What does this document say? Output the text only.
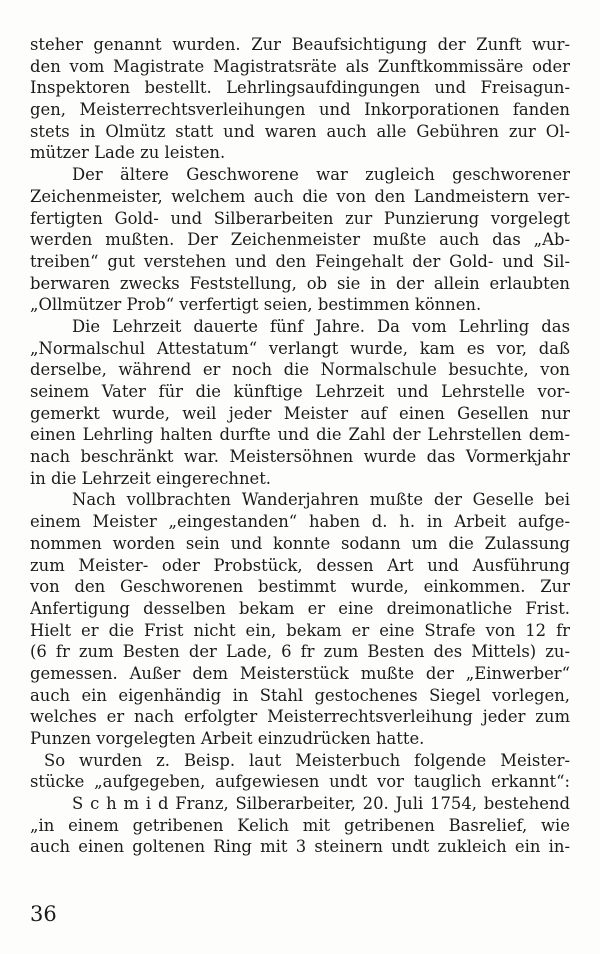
steher genannt wurden. Zur Beaufsichtigung der Zunft wur-
den vom Magistrate Magistratsräte als Zunftkommissäre oder
Inspektoren bestellt. Lehrlingsaufdingungen und Freisagun-
gen, Meisterrechtsverleihungen und Inkorporationen fanden
stets in Olmütz statt und waren auch alle Gebühren zur Ol-
mützer Lade zu leisten.
Der ältere Geschworene war zugleich geschworener
Zeichenmeister, welchem auch die von den Landmeistern ver-
fertigten Gold- und Silberarbeiten zur Punzierung vorgelegt
werden mußten. Der Zeichenmeister mußte auch das „Ab-
treiben“ gut verstehen und den Feingehalt der Gold- und Sil-
berwaren zwecks Feststellung, ob sie in der allein erlaubten
„Ollmützer Prob“ verfertigt seien, bestimmen können.
Die Lehrzeit dauerte fünf Jahre. Da vom Lehrling das
„Normalschul Attestatum“ verlangt wurde, kam es vor, daß
derselbe, während er noch die Normalschule besuchte, von
seinem Vater für die künftige Lehrzeit und Lehrstelle vor-
gemerkt wurde, weil jeder Meister auf einen Gesellen nur
einen Lehrling halten durfte und die Zahl der Lehrstellen dem-
nach beschränkt war. Meistersöhnen wurde das Vormerkjahr
in die Lehrzeit eingerechnet.
Nach vollbrachten Wanderjahren mußte der Geselle bei
einem Meister „eingestanden“ haben d. h. in Arbeit aufge-
nommen worden sein und konnte sodann um die Zulassung
zum Meister- oder Probstück, dessen Art und Ausführung
von den Geschworenen bestimmt wurde, einkommen. Zur
Anfertigung desselben bekam er eine dreimonatliche Frist.
Hielt er die Frist nicht ein, bekam er eine Strafe von 12 fr
(6 fr zum Besten der Lade, 6 fr zum Besten des Mittels) zu-
gemessen. Außer dem Meisterstück mußte der „Einwerber“
auch ein eigenhändig in Stahl gestochenes Siegel vorlegen,
welches er nach erfolgter Meisterrechtsverleihung jeder zum
Punzen vorgelegten Arbeit einzudrücken hatte.
So wurden z. Beisp. laut Meisterbuch folgende Meister-
stücke „aufgegeben, aufgewiesen undt vor tauglich erkannt“:
S c h m i d Franz, Silberarbeiter, 20. Juli 1754, bestehend
„in einem getribenen Kelich mit getribenen Basrelief, wie
auch einen goltenen Ring mit 3 steinern undt zukleich ein in-
36
